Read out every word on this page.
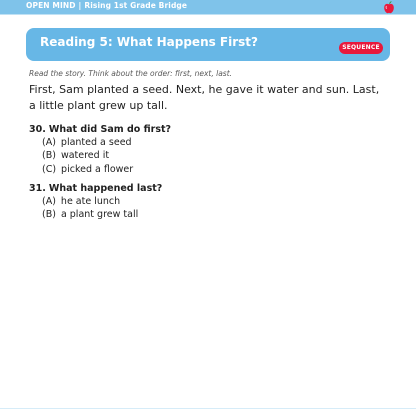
OPEN MIND | Rising 1st Grade Bridge
Reading 5: What Happens First?	SEQUENCE
Read the story. Think about the order: first, next, last.
First, Sam planted a seed. Next, he gave it water and sun. Last, a little plant grew up tall.
30. What did Sam do first?
(A) planted a seed
(B) watered it
(C) picked a flower
31. What happened last?
(A) he ate lunch
(B) a plant grew tall
